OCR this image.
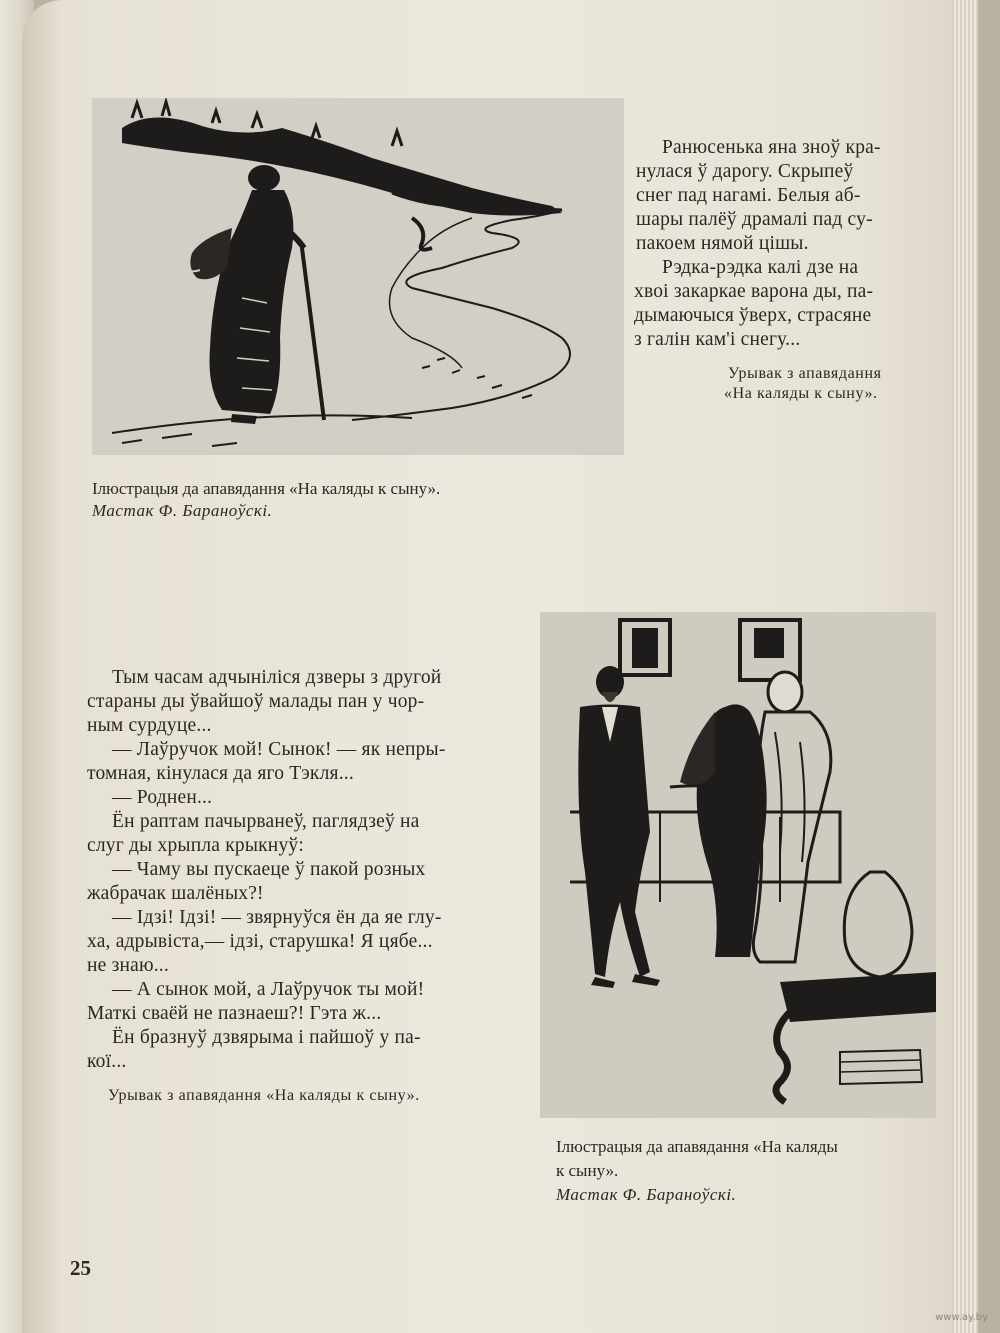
Ранюсенька яна зноў кра-

нулася ў дарогу. Скрыпеў

снег пад нагамі. Белыя аб-

шары палёў драмалі пад су-

пакоем нямой цішы.

Рэдка-рэдка калі дзе на

хвоі закаркае варона ды, па-

дымаючыся ўверх, страсяне

з галін кам'і снегу...

Урывак з апавядання

«На каляды к сыну».

Ілюстрацыя да апавядання «На каляды к сыну».

Мастак Ф. Бараноўскі.

Тым часам адчыніліся дзверы з другой

стараны ды ўвайшоў малады пан у чор-

ным сурдуце...

— Лаўручок мой! Сынок! — як непры-

томная, кінулася да яго Тэкля...

— Роднен...

Ён раптам пачырванеў, паглядзеў на

слуг ды хрыпла крыкнуў:

— Чаму вы пускаеце ў пакой розных

жабрачак шалёных?!

— Ідзі! Ідзі! — звярнуўся ён да яе глу-

ха, адрывіста,— ідзі, старушка! Я цябе...

не знаю...

— А сынок мой, а Лаўручок ты мой!

Маткі сваёй не пазнаеш?! Гэта ж...

Ён бразнуў дзвярыма і пайшоў у па-

кої...

Урывак з апавядання «На каляды к сыну».

Ілюстрацыя да апавядання «На каляды

к сыну».

Мастак Ф. Бараноўскі.

25
www.ay.by
